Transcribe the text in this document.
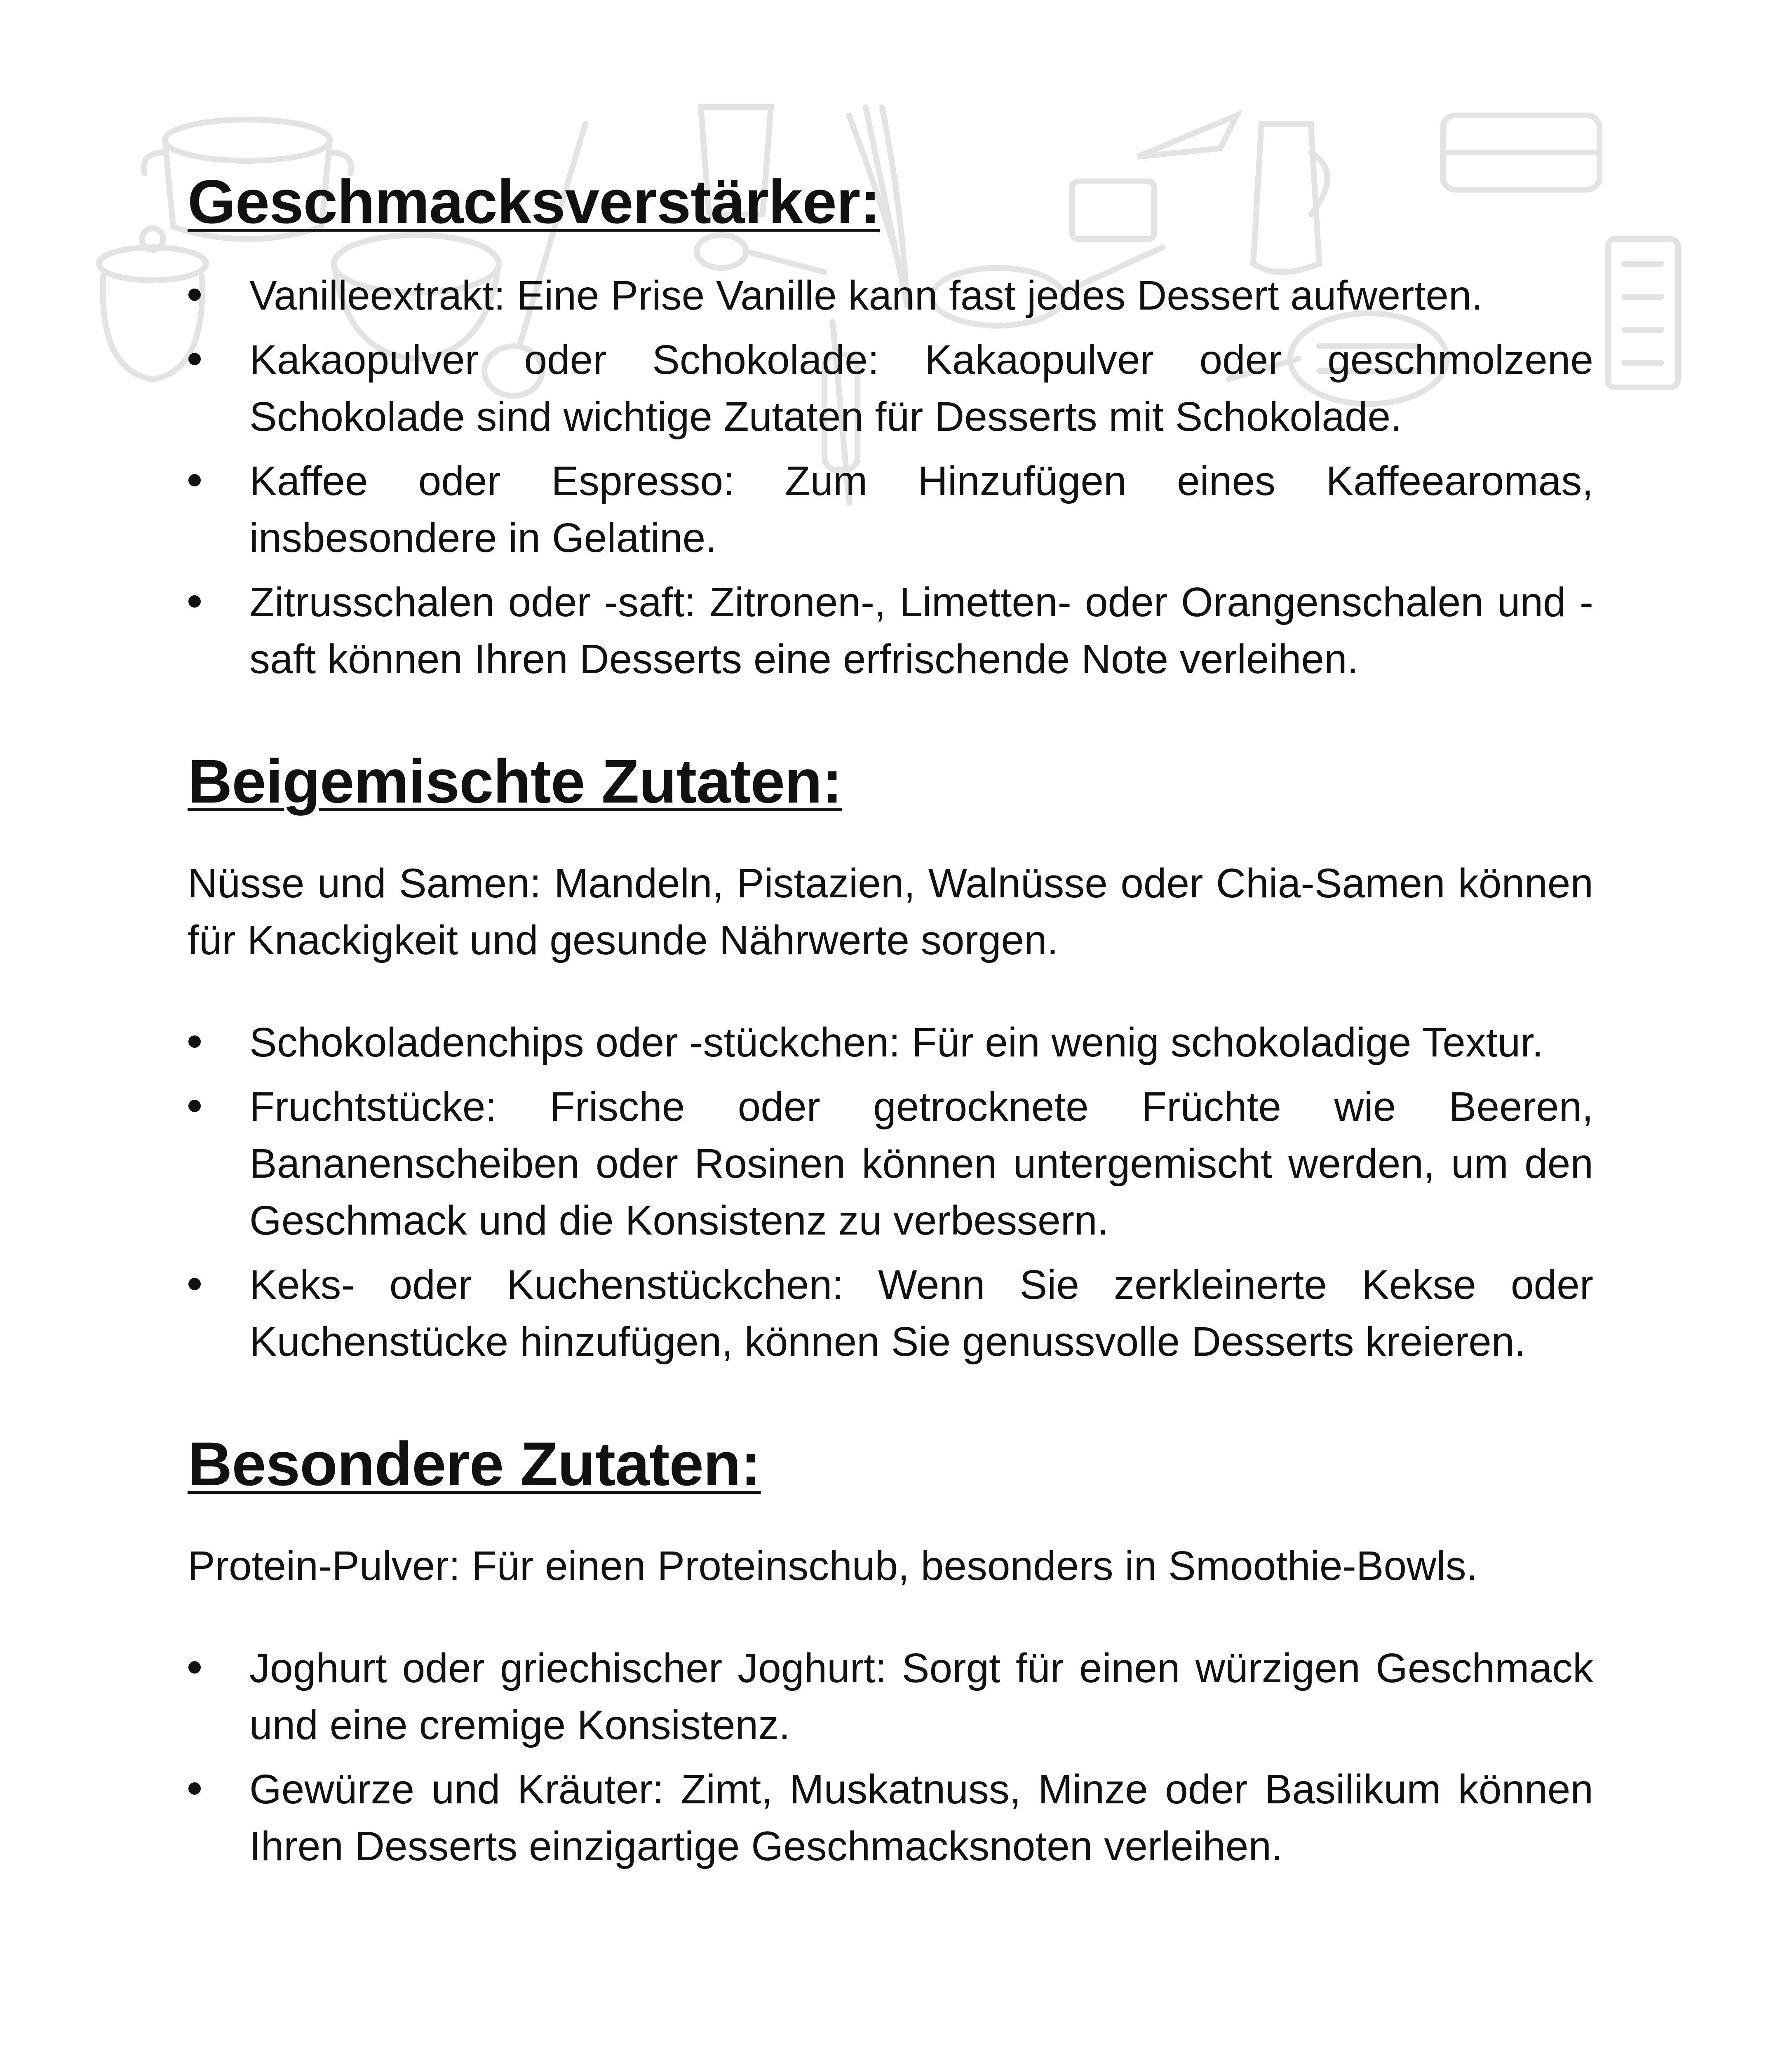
Geschmacksverstärker:
Vanilleextrakt: Eine Prise Vanille kann fast jedes Dessert aufwerten.
Kakaopulver oder Schokolade: Kakaopulver oder geschmolzene Schokolade sind wichtige Zutaten für Desserts mit Schokolade.
Kaffee oder Espresso: Zum Hinzufügen eines Kaffeearomas, insbesondere in Gelatine.
Zitrusschalen oder -saft: Zitronen-, Limetten- oder Orangenschalen und -saft können Ihren Desserts eine erfrischende Note verleihen.
Beigemischte Zutaten:

Nüsse und Samen: Mandeln, Pistazien, Walnüsse oder Chia-Samen können für Knackigkeit und gesunde Nährwerte sorgen.

Schokoladenchips oder -stückchen: Für ein wenig schokoladige Textur.
Fruchtstücke: Frische oder getrocknete Früchte wie Beeren, Bananenscheiben oder Rosinen können untergemischt werden, um den Geschmack und die Konsistenz zu verbessern.
Keks- oder Kuchenstückchen: Wenn Sie zerkleinerte Kekse oder Kuchenstücke hinzufügen, können Sie genussvolle Desserts kreieren.
Besondere Zutaten:

Protein-Pulver: Für einen Proteinschub, besonders in Smoothie-Bowls.

Joghurt oder griechischer Joghurt: Sorgt für einen würzigen Geschmack und eine cremige Konsistenz.
Gewürze und Kräuter: Zimt, Muskatnuss, Minze oder Basilikum können Ihren Desserts einzigartige Geschmacksnoten verleihen.
